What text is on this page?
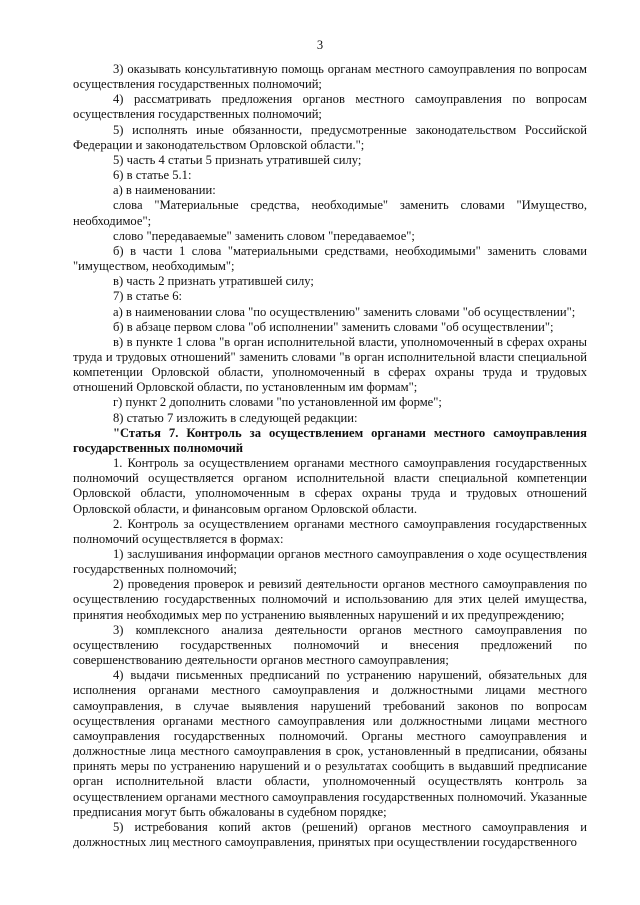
3

3) оказывать консультативную помощь органам местного самоуправления по вопросам осуществления государственных полномочий;

4) рассматривать предложения органов местного самоуправления по вопросам осуществления государственных полномочий;

5) исполнять иные обязанности, предусмотренные законодательством Российской Федерации и законодательством Орловской области.";

5) часть 4 статьи 5 признать утратившей силу;

6) в статье 5.1:

а) в наименовании:

слова "Материальные средства, необходимые" заменить словами "Имущество, необходимое";

слово "передаваемые" заменить словом "передаваемое";

б) в части 1 слова "материальными средствами, необходимыми" заменить словами "имуществом, необходимым";

в) часть 2 признать утратившей силу;

7) в статье 6:

а) в наименовании слова "по осуществлению" заменить словами "об осуществлении";

б) в абзаце первом слова "об исполнении" заменить словами "об осуществлении";

в) в пункте 1 слова "в орган исполнительной власти, уполномоченный в сферах охраны труда и трудовых отношений" заменить словами "в орган исполнительной власти специальной компетенции Орловской области, уполномоченный в сферах охраны труда и трудовых отношений Орловской области, по установленным им формам";

г) пункт 2 дополнить словами "по установленной им форме";

8) статью 7 изложить в следующей редакции:

"Статья 7. Контроль за осуществлением органами местного самоуправления государственных полномочий

1. Контроль за осуществлением органами местного самоуправления государственных полномочий осуществляется органом исполнительной власти специальной компетенции Орловской области, уполномоченным в сферах охраны труда и трудовых отношений Орловской области, и финансовым органом Орловской области.

2. Контроль за осуществлением органами местного самоуправления государственных полномочий осуществляется в формах:

1) заслушивания информации органов местного самоуправления о ходе осуществления государственных полномочий;

2) проведения проверок и ревизий деятельности органов местного самоуправления по осуществлению государственных полномочий и использованию для этих целей имущества, принятия необходимых мер по устранению выявленных нарушений и их предупреждению;

3) комплексного анализа деятельности органов местного самоуправления по осуществлению государственных полномочий и внесения предложений по совершенствованию деятельности органов местного самоуправления;

4) выдачи письменных предписаний по устранению нарушений, обязательных для исполнения органами местного самоуправления и должностными лицами местного самоуправления, в случае выявления нарушений требований законов по вопросам осуществления органами местного самоуправления или должностными лицами местного самоуправления государственных полномочий. Органы местного самоуправления и должностные лица местного самоуправления в срок, установленный в предписании, обязаны принять меры по устранению нарушений и о результатах сообщить в выдавший предписание орган исполнительной власти области, уполномоченный осуществлять контроль за осуществлением органами местного самоуправления государственных полномочий. Указанные предписания могут быть обжалованы в судебном порядке;

5) истребования копий актов (решений) органов местного самоуправления и должностных лиц местного самоуправления, принятых при осуществлении государственного
